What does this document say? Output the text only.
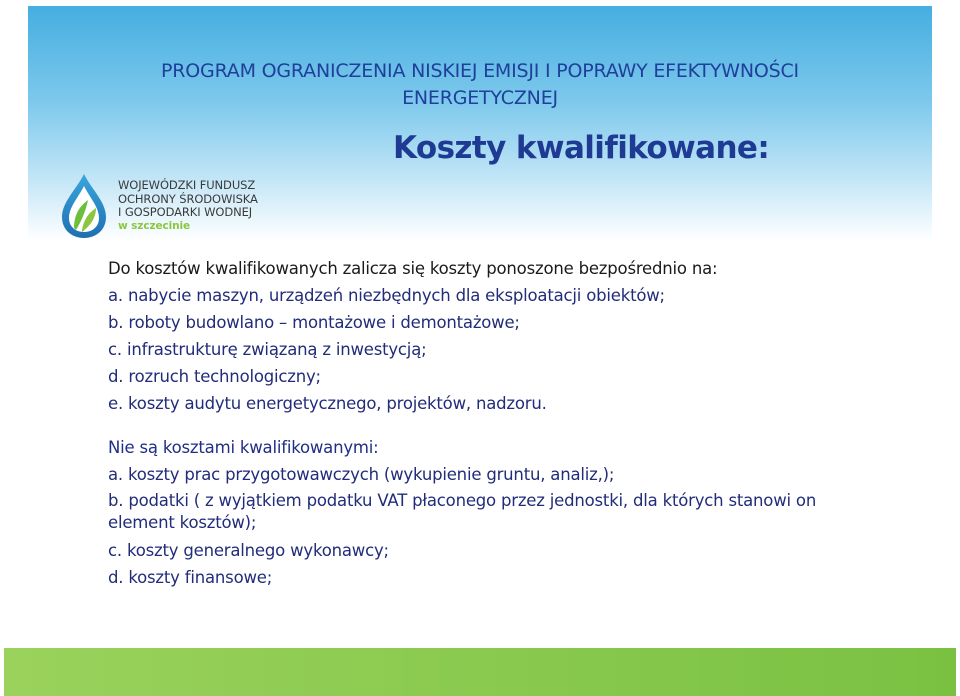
PROGRAM OGRANICZENIA NISKIEJ EMISJI I POPRAWY EFEKTYWNOŚCI
ENERGETYCZNEJ
Koszty kwalifikowane:
WOJEWÓDZKI FUNDUSZ
OCHRONY ŚRODOWISKA
I GOSPODARKI WODNEJ
w szczecinie
Do kosztów kwalifikowanych zalicza się koszty ponoszone bezpośrednio na:
a. nabycie maszyn, urządzeń niezbędnych dla eksploatacji obiektów;
b. roboty budowlano – montażowe i demontażowe;
c. infrastrukturę związaną z inwestycją;
d. rozruch technologiczny;
e. koszty audytu energetycznego, projektów, nadzoru.
Nie są kosztami kwalifikowanymi:
a. koszty prac przygotowawczych (wykupienie gruntu, analiz,);
b. podatki ( z wyjątkiem podatku VAT płaconego przez jednostki, dla których stanowi on element kosztów);
c. koszty generalnego wykonawcy;
d. koszty finansowe;
